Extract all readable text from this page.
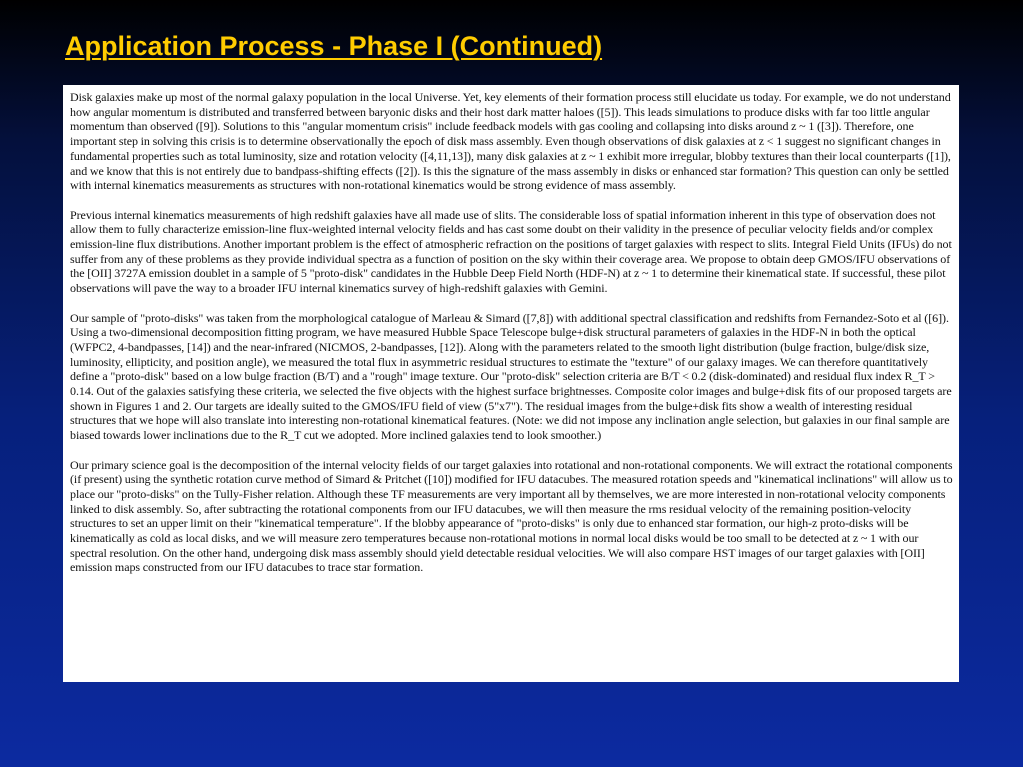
Application Process - Phase I (Continued)

Disk galaxies make up most of the normal galaxy population in the local Universe. Yet, key elements of their formation process still elucidate us today. For example, we do not understand how angular momentum is distributed and transferred between baryonic disks and their host dark matter haloes ([5]). This leads simulations to produce disks with far too little angular momentum than observed ([9]). Solutions to this "angular momentum crisis" include feedback models with gas cooling and collapsing into disks around z ~ 1 ([3]). Therefore, one important step in solving this crisis is to determine observationally the epoch of disk mass assembly. Even though observations of disk galaxies at z < 1 suggest no significant changes in fundamental properties such as total luminosity, size and rotation velocity ([4,11,13]), many disk galaxies at z ~ 1 exhibit more irregular, blobby textures than their local counterparts ([1]), and we know that this is not entirely due to bandpass-shifting effects ([2]). Is this the signature of the mass assembly in disks or enhanced star formation? This question can only be settled with internal kinematics measurements as structures with non-rotational kinematics would be strong evidence of mass assembly.

Previous internal kinematics measurements of high redshift galaxies have all made use of slits. The considerable loss of spatial information inherent in this type of observation does not allow them to fully characterize emission-line flux-weighted internal velocity fields and has cast some doubt on their validity in the presence of peculiar velocity fields and/or complex emission-line flux distributions. Another important problem is the effect of atmospheric refraction on the positions of target galaxies with respect to slits. Integral Field Units (IFUs) do not suffer from any of these problems as they provide individual spectra as a function of position on the sky within their coverage area. We propose to obtain deep GMOS/IFU observations of the [OII] 3727A emission doublet in a sample of 5 "proto-disk" candidates in the Hubble Deep Field North (HDF-N) at z ~ 1 to determine their kinematical state. If successful, these pilot observations will pave the way to a broader IFU internal kinematics survey of high-redshift galaxies with Gemini.

Our sample of "proto-disks" was taken from the morphological catalogue of Marleau & Simard ([7,8]) with additional spectral classification and redshifts from Fernandez-Soto et al ([6]). Using a two-dimensional decomposition fitting program, we have measured Hubble Space Telescope bulge+disk structural parameters of galaxies in the HDF-N in both the optical (WFPC2, 4-bandpasses, [14]) and the near-infrared (NICMOS, 2-bandpasses, [12]). Along with the parameters related to the smooth light distribution (bulge fraction, bulge/disk size, luminosity, ellipticity, and position angle), we measured the total flux in asymmetric residual structures to estimate the "texture" of our galaxy images. We can therefore quantitatively define a "proto-disk" based on a low bulge fraction (B/T) and a "rough" image texture. Our "proto-disk" selection criteria are B/T < 0.2 (disk-dominated) and residual flux index R_T > 0.14. Out of the galaxies satisfying these criteria, we selected the five objects with the highest surface brightnesses. Composite color images and bulge+disk fits of our proposed targets are shown in Figures 1 and 2. Our targets are ideally suited to the GMOS/IFU field of view (5"x7"). The residual images from the bulge+disk fits show a wealth of interesting residual structures that we hope will also translate into interesting non-rotational kinematical features. (Note: we did not impose any inclination angle selection, but galaxies in our final sample are biased towards lower inclinations due to the R_T cut we adopted. More inclined galaxies tend to look smoother.)

Our primary science goal is the decomposition of the internal velocity fields of our target galaxies into rotational and non-rotational components. We will extract the rotational components (if present) using the synthetic rotation curve method of Simard & Pritchet ([10]) modified for IFU datacubes. The measured rotation speeds and "kinematical inclinations" will allow us to place our "proto-disks" on the Tully-Fisher relation. Although these TF measurements are very important all by themselves, we are more interested in non-rotational velocity components linked to disk assembly. So, after subtracting the rotational components from our IFU datacubes, we will then measure the rms residual velocity of the remaining position-velocity structures to set an upper limit on their "kinematical temperature". If the blobby appearance of "proto-disks" is only due to enhanced star formation, our high-z proto-disks will be kinematically as cold as local disks, and we will measure zero temperatures because non-rotational motions in normal local disks would be too small to be detected at z ~ 1 with our spectral resolution. On the other hand, undergoing disk mass assembly should yield detectable residual velocities. We will also compare HST images of our target galaxies with [OII] emission maps constructed from our IFU datacubes to trace star formation.
